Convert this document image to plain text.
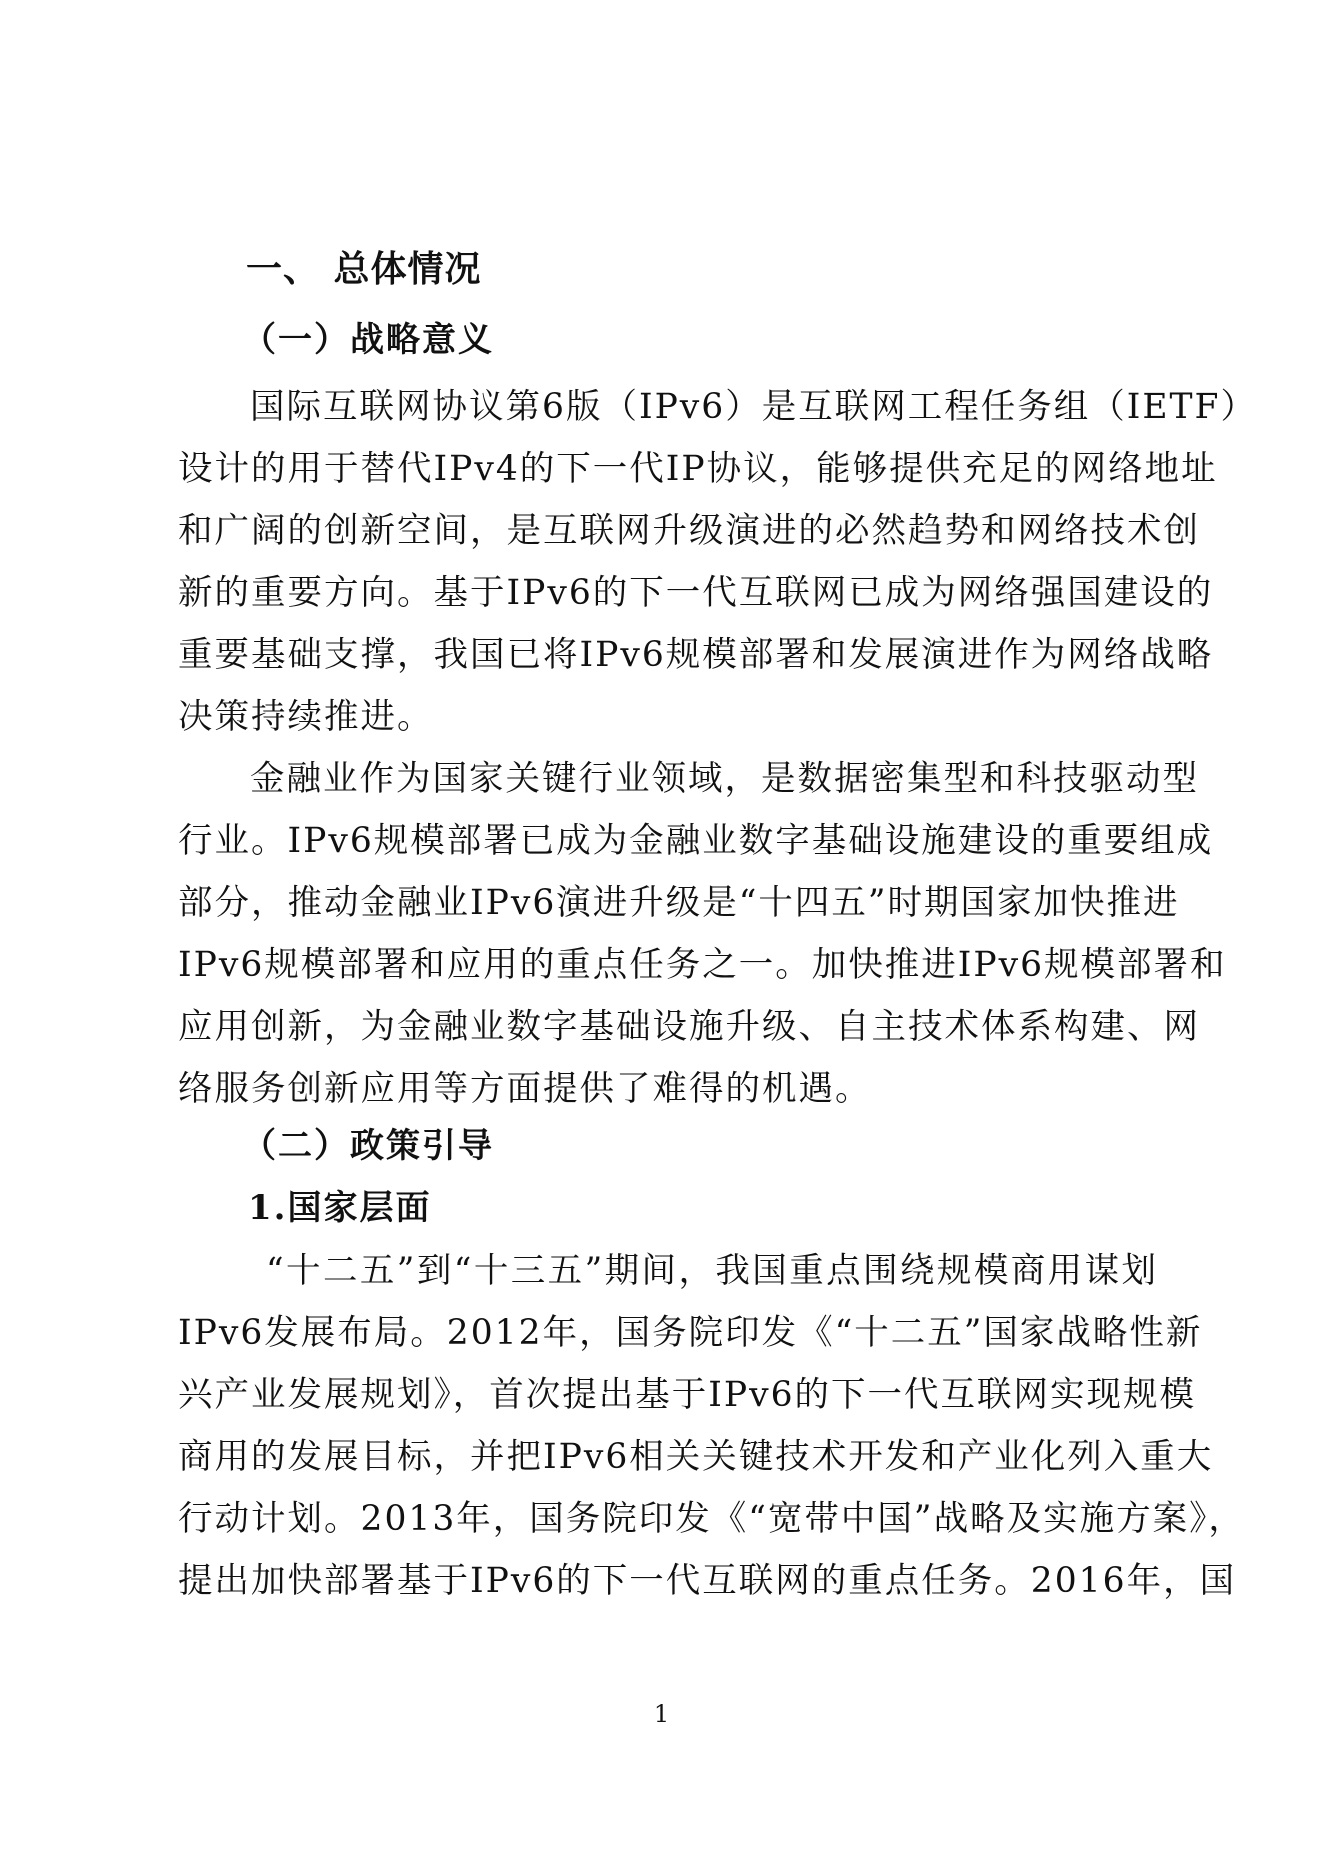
一、 总体情况
（一）战略意义

国际互联网协议第6版（IPv6）是互联网工程任务组（IETF）
设计的用于替代IPv4的下一代IP协议，能够提供充足的网络地址
和广阔的创新空间，是互联网升级演进的必然趋势和网络技术创
新的重要方向。基于IPv6的下一代互联网已成为网络强国建设的
重要基础支撑，我国已将IPv6规模部署和发展演进作为网络战略
决策持续推进。

金融业作为国家关键行业领域，是数据密集型和科技驱动型
行业。IPv6规模部署已成为金融业数字基础设施建设的重要组成
部分，推动金融业IPv6演进升级是“十四五”时期国家加快推进
IPv6规模部署和应用的重点任务之一。加快推进IPv6规模部署和
应用创新，为金融业数字基础设施升级、自主技术体系构建、网
络服务创新应用等方面提供了难得的机遇。

（二）政策引导
1.国家层面

“十二五”到“十三五”期间，我国重点围绕规模商用谋划
IPv6发展布局。2012年，国务院印发《“十二五”国家战略性新
兴产业发展规划》，首次提出基于IPv6的下一代互联网实现规模
商用的发展目标，并把IPv6相关关键技术开发和产业化列入重大
行动计划。2013年，国务院印发《“宽带中国”战略及实施方案》，
提出加快部署基于IPv6的下一代互联网的重点任务。2016年，国

1
